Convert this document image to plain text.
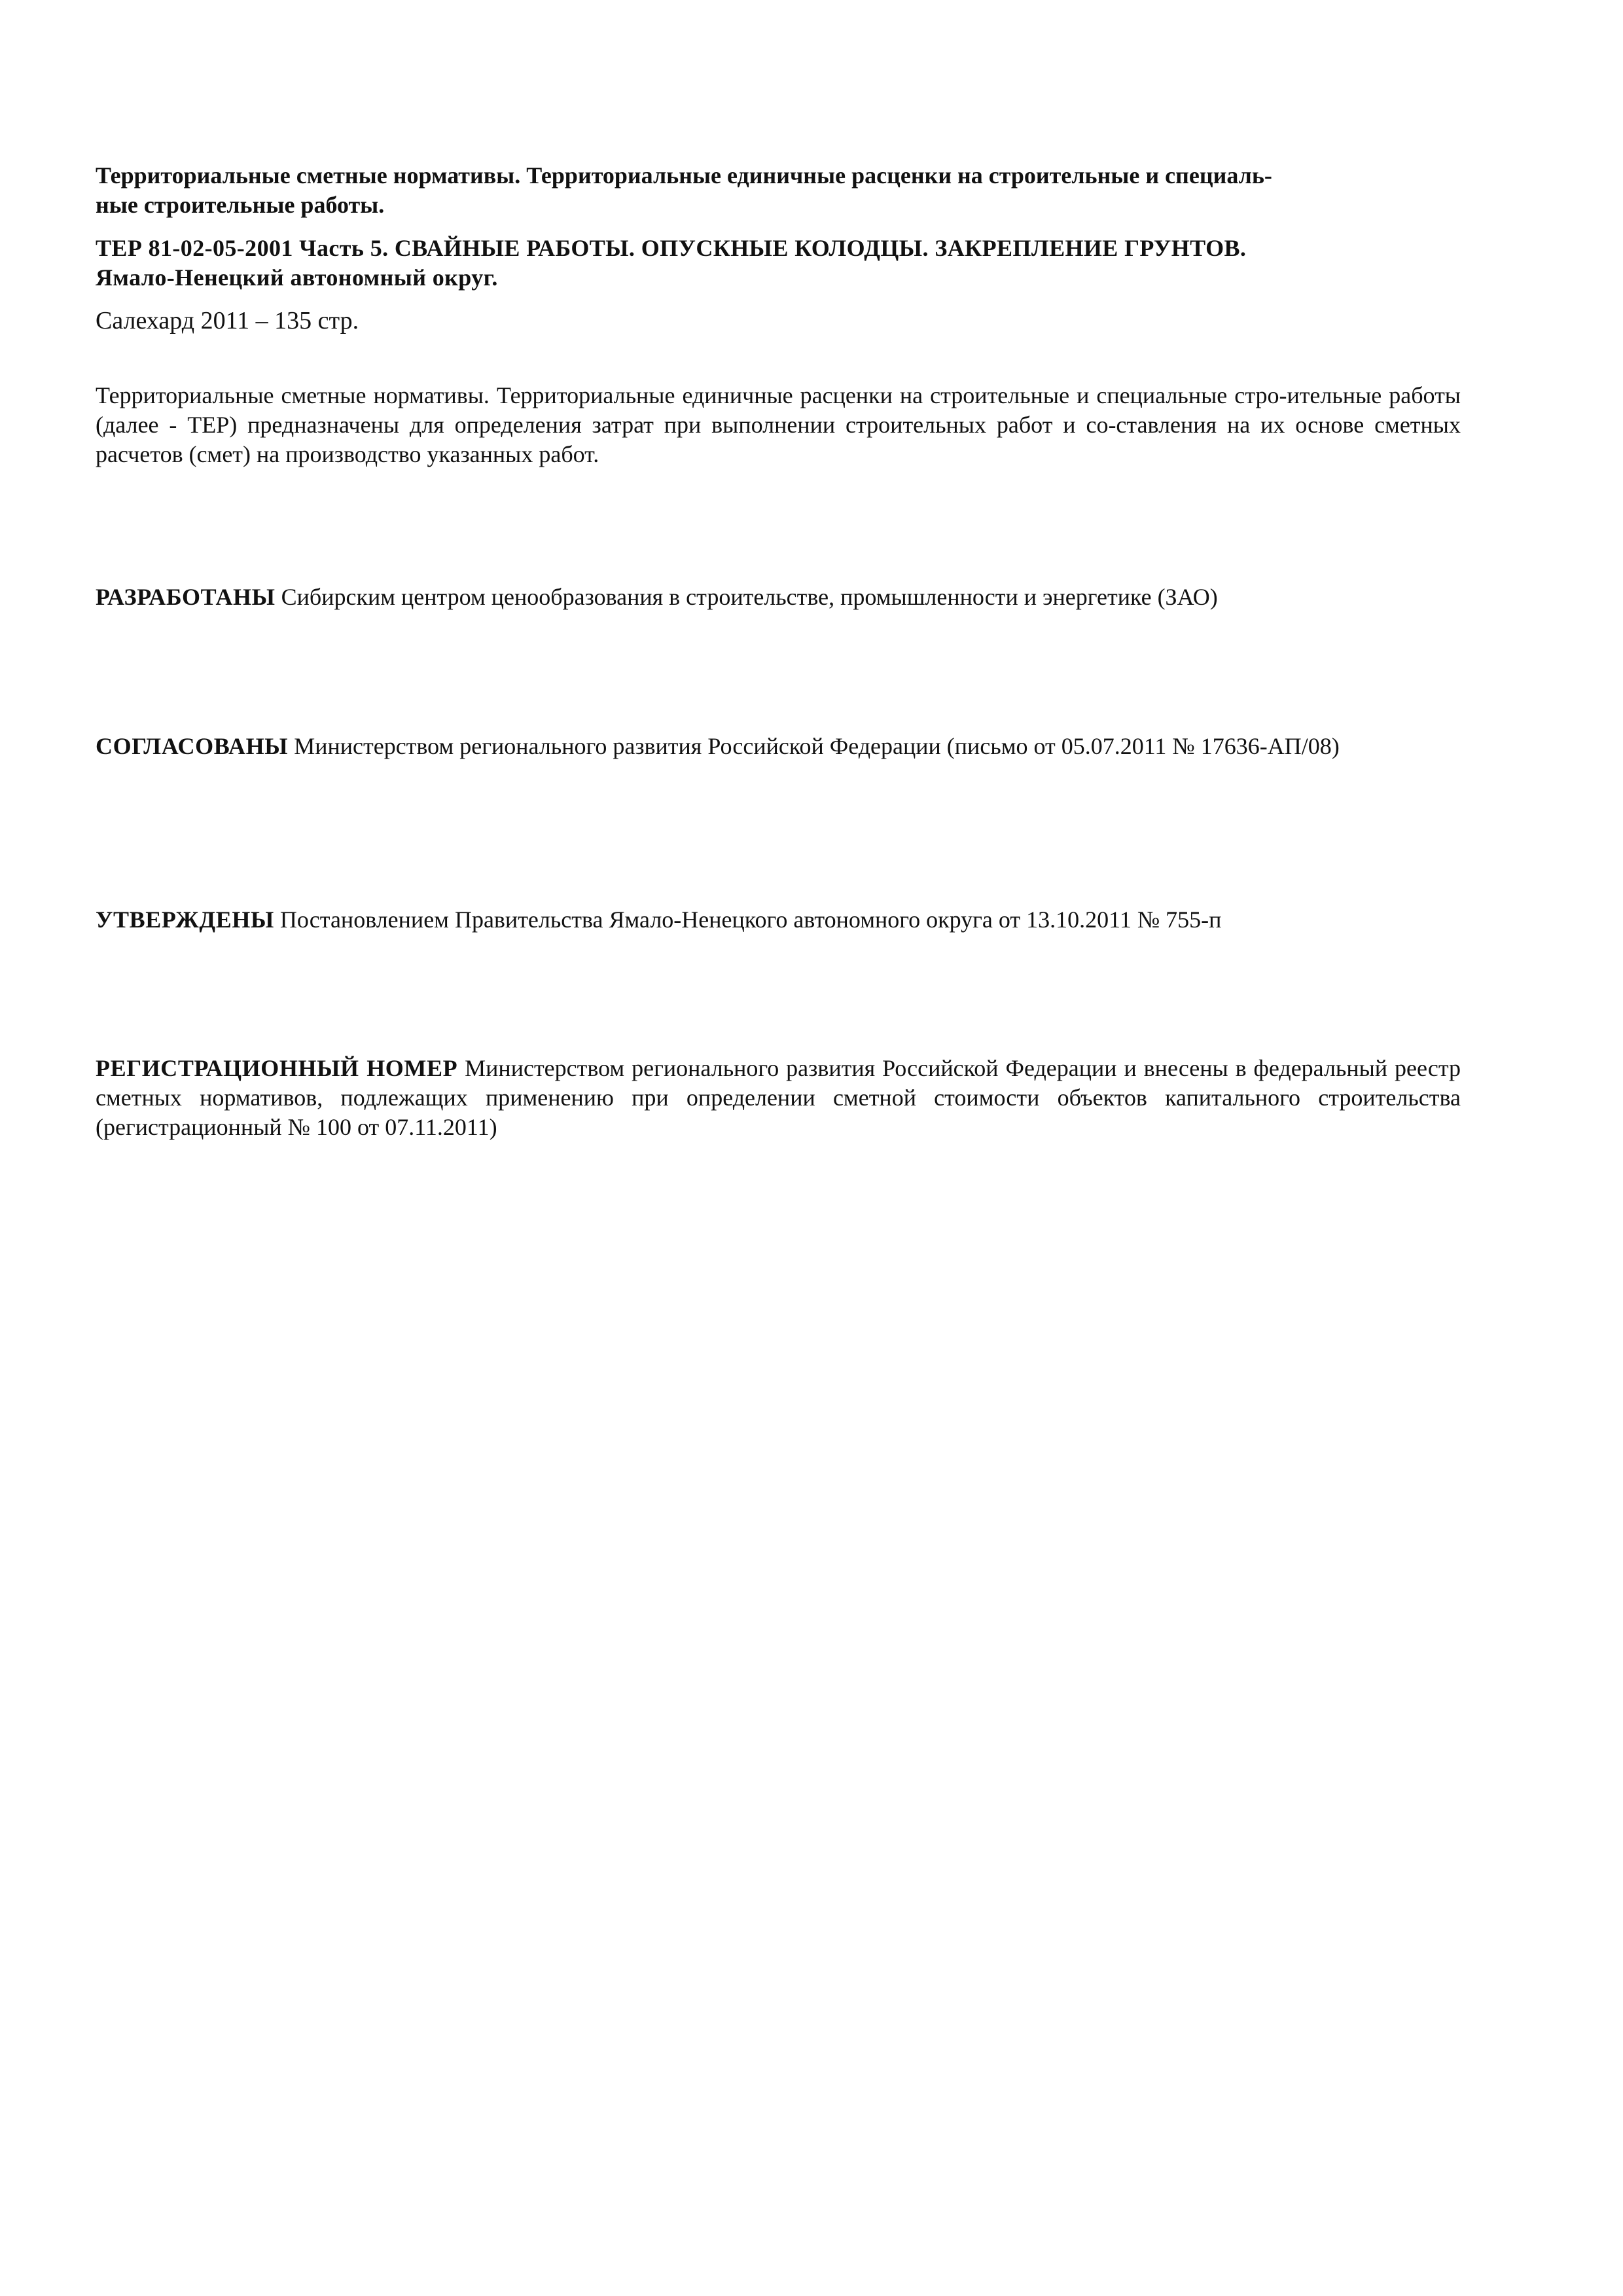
Территориальные сметные нормативы. Территориальные единичные расценки на строительные и специаль-
ные строительные работы.
ТЕР 81-02-05-2001 Часть 5. СВАЙНЫЕ РАБОТЫ. ОПУСКНЫЕ КОЛОДЦЫ. ЗАКРЕПЛЕНИЕ ГРУНТОВ.
Ямало-Ненецкий автономный округ.
Салехард 2011 – 135 стр.
Территориальные сметные нормативы. Территориальные единичные расценки на строительные и специальные стро-ительные работы (далее - ТЕР) предназначены для определения затрат при выполнении строительных работ и со-ставления на их основе сметных расчетов (смет) на производство указанных работ.
РАЗРАБОТАНЫ Сибирским центром ценообразования в строительстве, промышленности и энергетике (ЗАО)
СОГЛАСОВАНЫ Министерством регионального развития Российской Федерации (письмо от 05.07.2011 № 17636-АП/08)
УТВЕРЖДЕНЫ Постановлением Правительства Ямало-Ненецкого автономного округа от 13.10.2011 № 755-п
РЕГИСТРАЦИОННЫЙ НОМЕР Министерством регионального развития Российской Федерации и внесены в федеральный реестр сметных нормативов, подлежащих применению при определении сметной стоимости объектов капитального строительства (регистрационный № 100 от 07.11.2011)
